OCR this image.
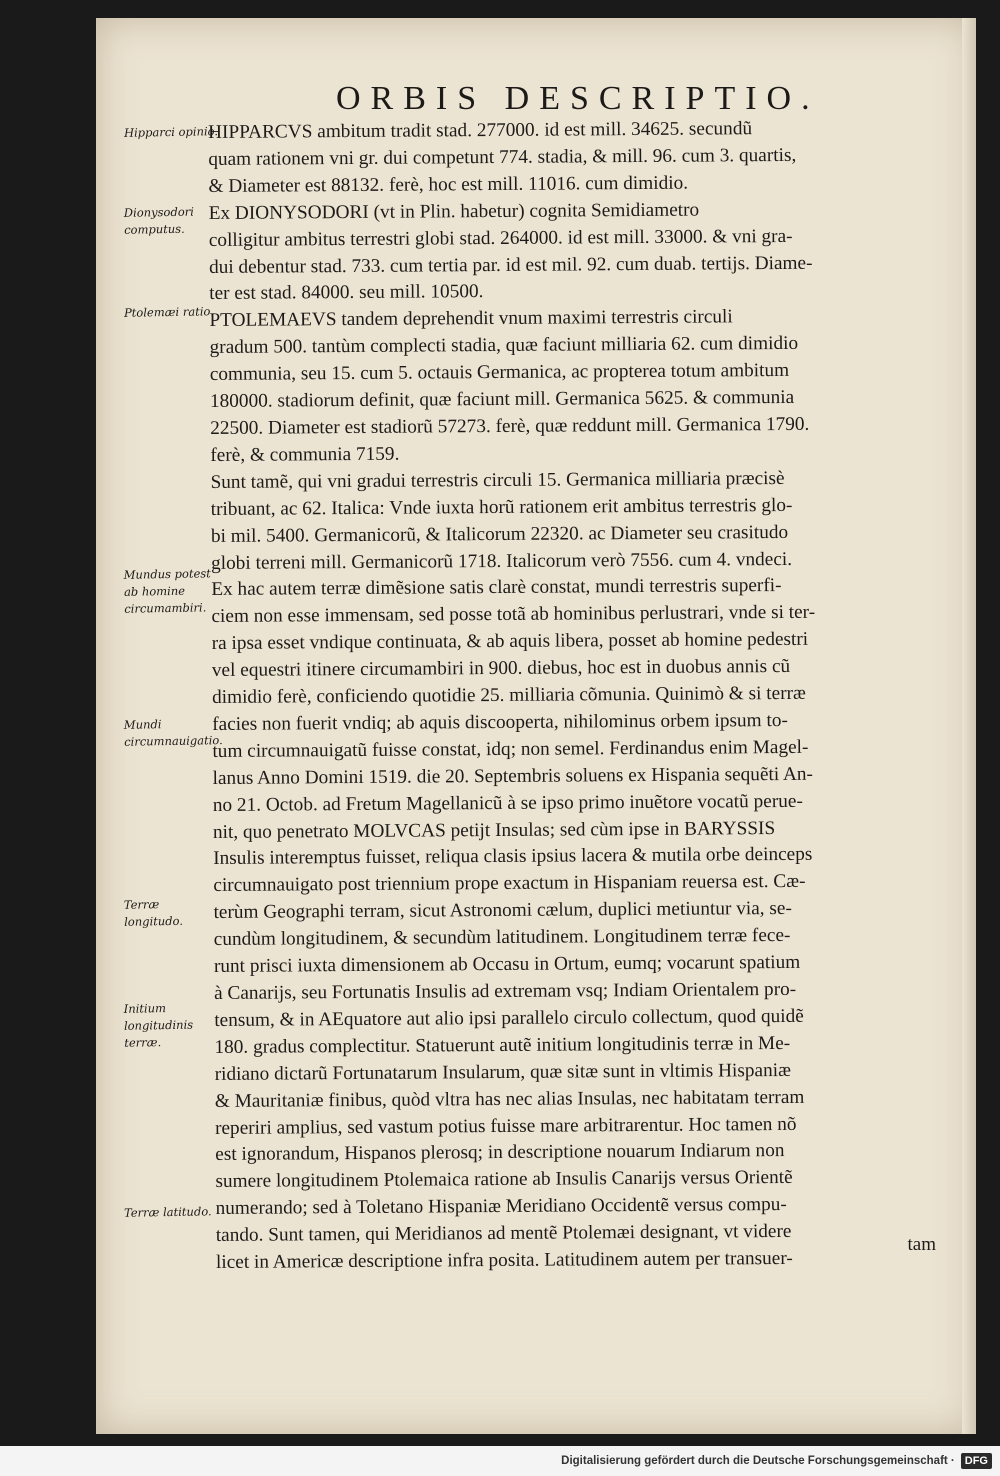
ORBIS DESCRIPTIO.
Hipparci opinio.
Dionysodori computus.
Ptolemæi ratio.
Mundus potest ab homine circumambiri.
Mundi circumnauigatio.
Terræ longitudo.
Initium longitudinis terræ.
Terræ latitudo.
HIPPARCVS ambitum tradit stad. 277000. id est mill. 34625. secundũ
quam rationem vni gr. dui competunt 774. stadia, & mill. 96. cum 3. quartis,
& Diameter est 88132. ferè, hoc est mill. 11016. cum dimidio.
Ex DIONYSODORI (vt in Plin. habetur) cognita Semidiametro
colligitur ambitus terrestri globi stad. 264000. id est mill. 33000. & vni gra-
dui debentur stad. 733. cum tertia par. id est mil. 92. cum duab. tertijs. Diame-
ter est stad. 84000. seu mill. 10500.
PTOLEMAEVS tandem deprehendit vnum maximi terrestris circuli
gradum 500. tantùm complecti stadia, quæ faciunt milliaria 62. cum dimidio
communia, seu 15. cum 5. octauis Germanica, ac propterea totum ambitum
180000. stadiorum definit, quæ faciunt mill. Germanica 5625. & communia
22500. Diameter est stadiorũ 57273. ferè, quæ reddunt mill. Germanica 1790.
ferè, & communia 7159.
Sunt tamẽ, qui vni gradui terrestris circuli 15. Germanica milliaria præcisè
tribuant, ac 62. Italica: Vnde iuxta horũ rationem erit ambitus terrestris glo-
bi mil. 5400. Germanicorũ, & Italicorum 22320. ac Diameter seu crasitudo
globi terreni mill. Germanicorũ 1718. Italicorum verò 7556. cum 4. vndeci.
Ex hac autem terræ dimẽsione satis clarè constat, mundi terrestris superfi-
ciem non esse immensam, sed posse totã ab hominibus perlustrari, vnde si ter-
ra ipsa esset vndique continuata, & ab aquis libera, posset ab homine pedestri
vel equestri itinere circumambiri in 900. diebus, hoc est in duobus annis cũ
dimidio ferè, conficiendo quotidie 25. milliaria cõmunia. Quinimò & si terræ
facies non fuerit vndiq; ab aquis discooperta, nihilominus orbem ipsum to-
tum circumnauigatũ fuisse constat, idq; non semel. Ferdinandus enim Magel-
lanus Anno Domini 1519. die 20. Septembris soluens ex Hispania sequẽti An-
no 21. Octob. ad Fretum Magellanicũ à se ipso primo inuẽtore vocatũ perue-
nit, quo penetrato MOLVCAS petijt Insulas; sed cùm ipse in BARYSSIS
Insulis interemptus fuisset, reliqua clasis ipsius lacera & mutila orbe deinceps
circumnauigato post triennium prope exactum in Hispaniam reuersa est. Cæ-
terùm Geographi terram, sicut Astronomi cælum, duplici metiuntur via, se-
cundùm longitudinem, & secundùm latitudinem. Longitudinem terræ fece-
runt prisci iuxta dimensionem ab Occasu in Ortum, eumq; vocarunt spatium
à Canarijs, seu Fortunatis Insulis ad extremam vsq; Indiam Orientalem pro-
tensum, & in AEquatore aut alio ipsi parallelo circulo collectum, quod quidẽ
180. gradus complectitur. Statuerunt autẽ initium longitudinis terræ in Me-
ridiano dictarũ Fortunatarum Insularum, quæ sitæ sunt in vltimis Hispaniæ
& Mauritaniæ finibus, quòd vltra has nec alias Insulas, nec habitatam terram
reperiri amplius, sed vastum potius fuisse mare arbitrarentur. Hoc tamen nõ
est ignorandum, Hispanos plerosq; in descriptione nouarum Indiarum non
sumere longitudinem Ptolemaica ratione ab Insulis Canarijs versus Orientẽ
numerando; sed à Toletano Hispaniæ Meridiano Occidentẽ versus compu-
tando. Sunt tamen, qui Meridianos ad mentẽ Ptolemæi designant, vt videre
licet in Americæ descriptione infra posita. Latitudinem autem per transuer-
tam
Digitalisierung gefördert durch die Deutsche Forschungsgemeinschaft · DFG
